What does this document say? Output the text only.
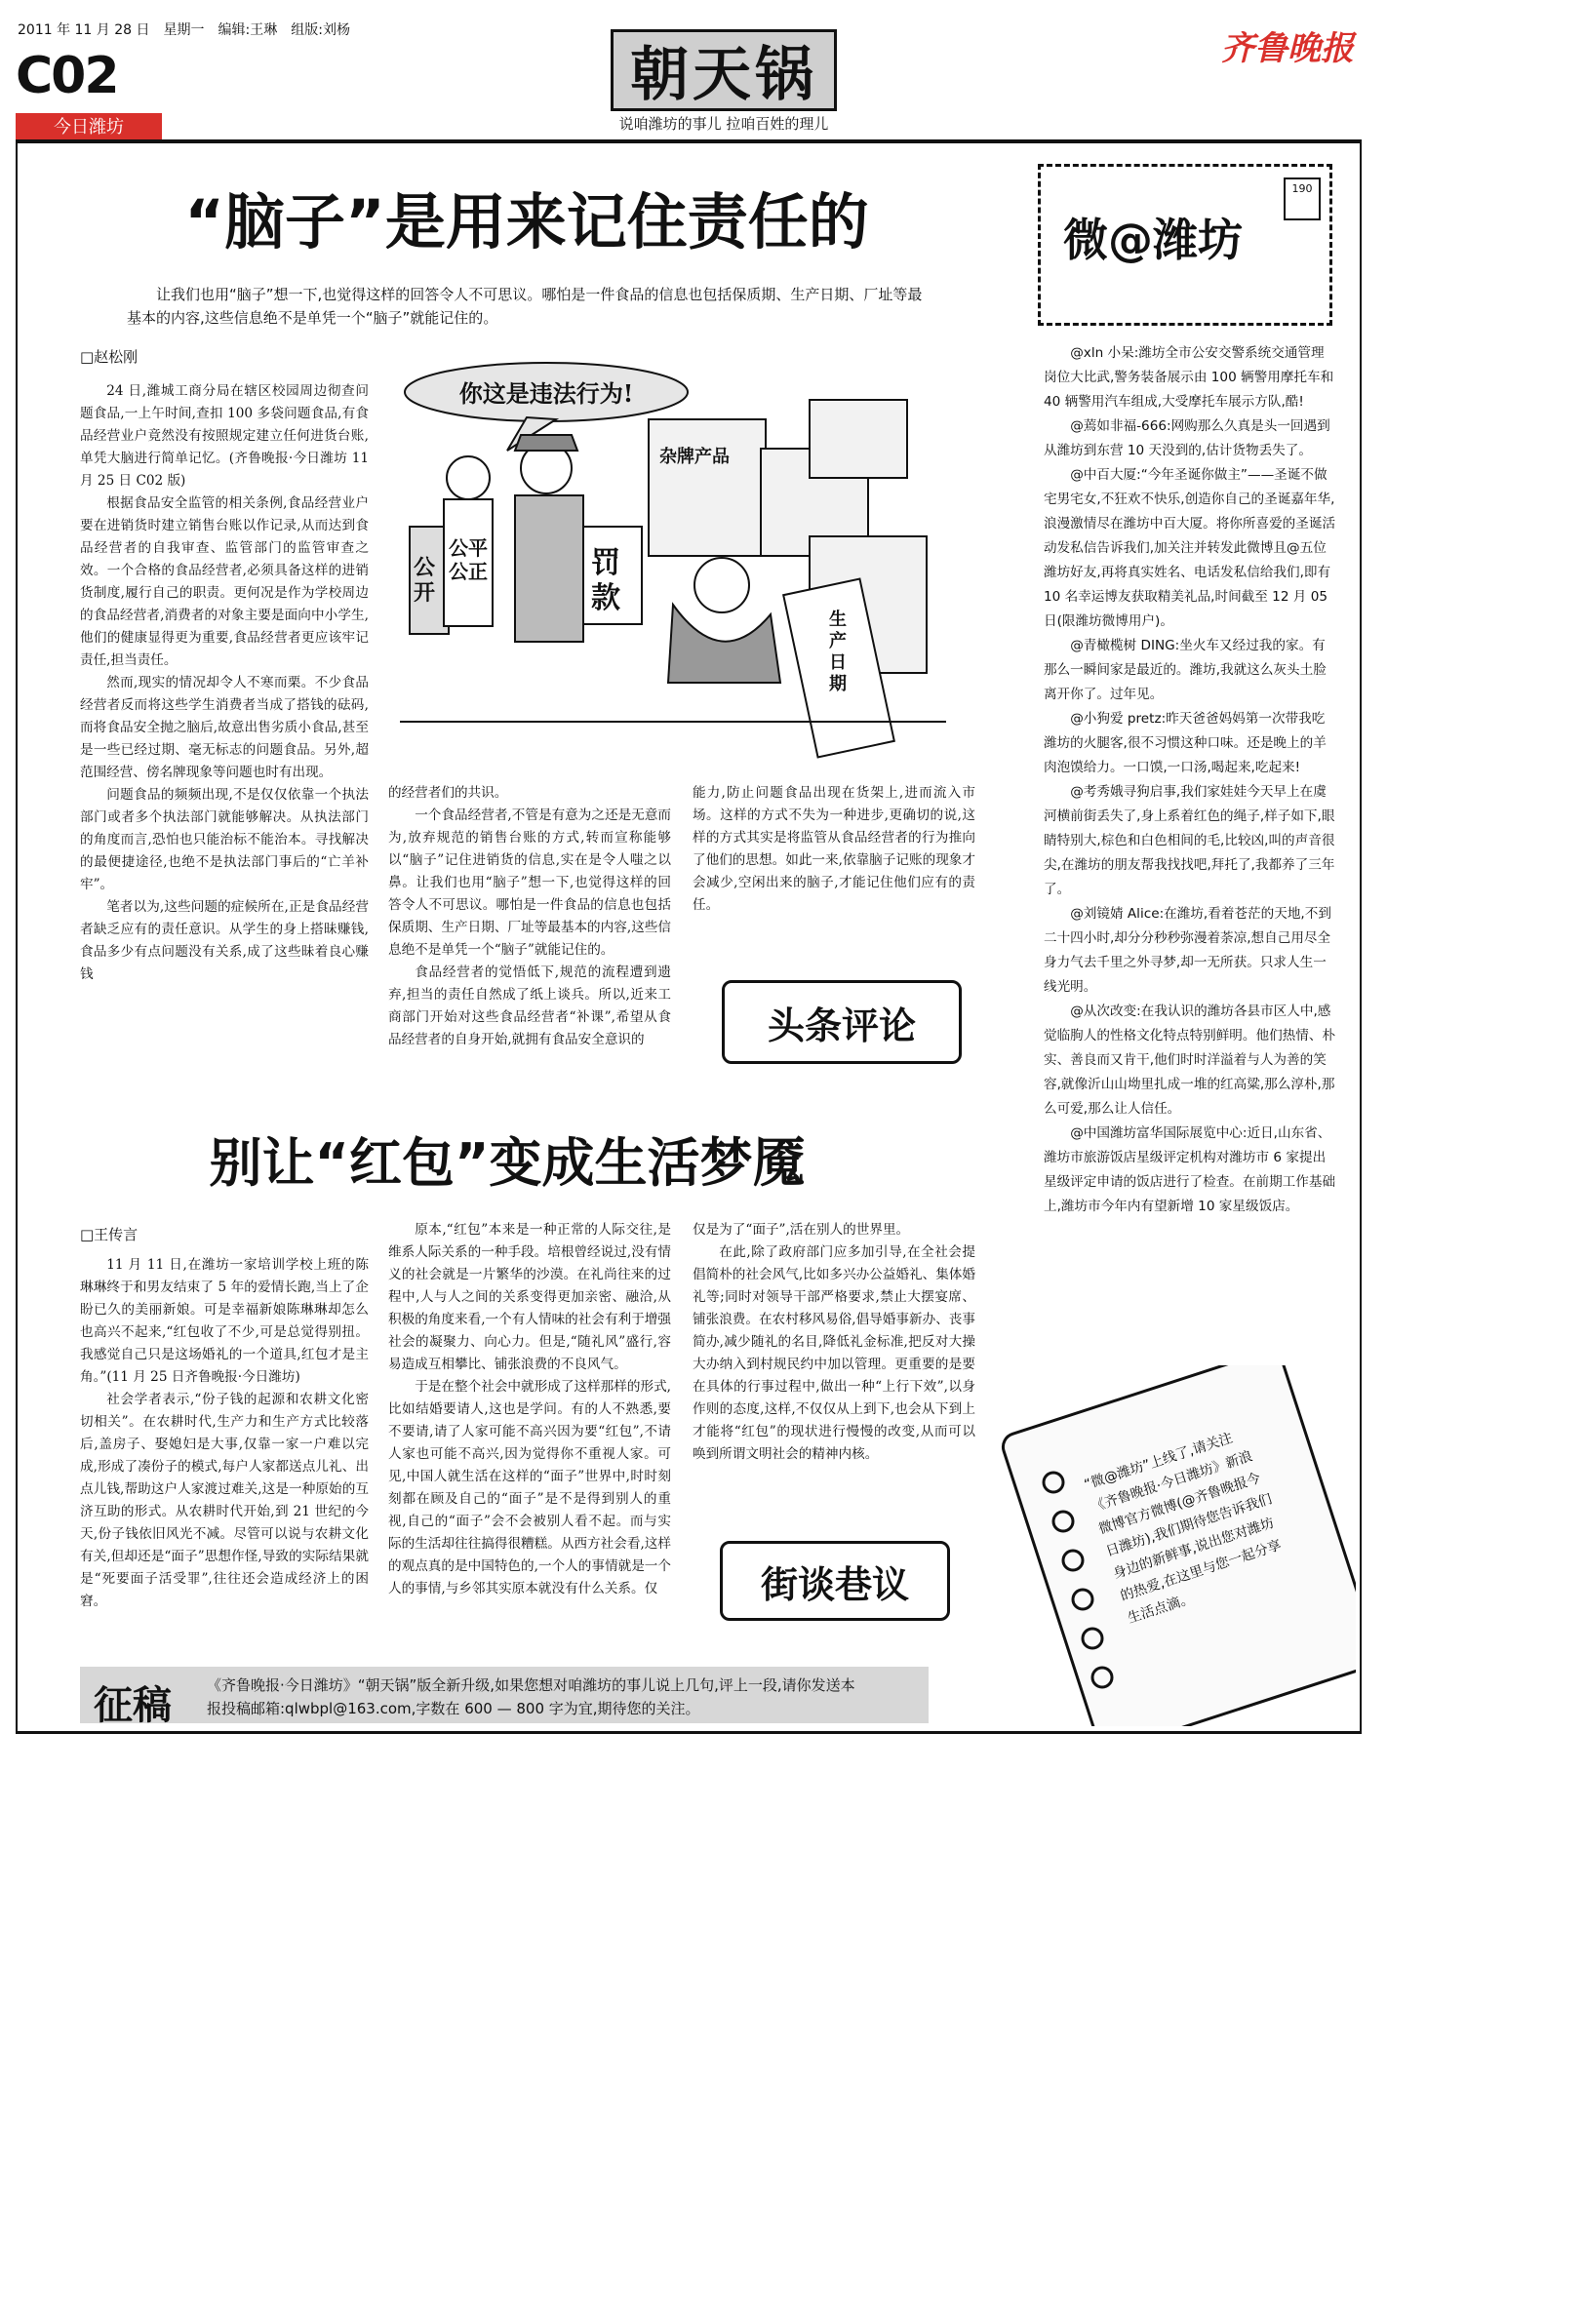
2011 年 11 月 28 日　星期一　编辑:王琳　组版:刘杨
C02
今日潍坊
朝天锅
说咱潍坊的事儿 拉咱百姓的理儿
齐鲁晚报
“脑子”是用来记住责任的
让我们也用“脑子”想一下,也觉得这样的回答令人不可思议。哪怕是一件食品的信息也包括保质期、生产日期、厂址等最基本的内容,这些信息绝不是单凭一个“脑子”就能记住的。
□赵松刚

24 日,潍城工商分局在辖区校园周边彻查问题食品,一上午时间,查扣 100 多袋问题食品,有食品经营业户竟然没有按照规定建立任何进货台账,单凭大脑进行简单记忆。(齐鲁晚报·今日潍坊 11 月 25 日 C02 版)

根据食品安全监管的相关条例,食品经营业户要在进销货时建立销售台账以作记录,从而达到食品经营者的自我审查、监管部门的监管审查之效。一个合格的食品经营者,必须具备这样的进销货制度,履行自己的职责。更何况是作为学校周边的食品经营者,消费者的对象主要是面向中小学生,他们的健康显得更为重要,食品经营者更应该牢记责任,担当责任。

然而,现实的情况却令人不寒而栗。不少食品经营者反而将这些学生消费者当成了搭钱的砝码,而将食品安全抛之脑后,故意出售劣质小食品,甚至是一些已经过期、毫无标志的问题食品。另外,超范围经营、傍名牌现象等问题也时有出现。

问题食品的频频出现,不是仅仅依靠一个执法部门或者多个执法部门就能够解决。从执法部门的角度而言,恐怕也只能治标不能治本。寻找解决的最便捷途径,也绝不是执法部门事后的“亡羊补牢”。

笔者以为,这些问题的症候所在,正是食品经营者缺乏应有的责任意识。从学生的身上搭昧赚钱,食品多少有点问题没有关系,成了这些昧着良心赚钱

你这是违法行为!
公开
公平公正	罚款
杂牌产品
生产日期

的经营者们的共识。

一个食品经营者,不管是有意为之还是无意而为,放弃规范的销售台账的方式,转而宣称能够以“脑子”记住进销货的信息,实在是令人嗤之以鼻。让我们也用“脑子”想一下,也觉得这样的回答令人不可思议。哪怕是一件食品的信息也包括保质期、生产日期、厂址等最基本的内容,这些信息绝不是单凭一个“脑子”就能记住的。

食品经营者的觉悟低下,规范的流程遭到遗弃,担当的责任自然成了纸上谈兵。所以,近来工商部门开始对这些食品经营者“补课”,希望从食品经营者的自身开始,就拥有食品安全意识的

能力,防止问题食品出现在货架上,进而流入市场。这样的方式不失为一种进步,更确切的说,这样的方式其实是将监管从食品经营者的行为推向了他们的思想。如此一来,依靠脑子记账的现象才会减少,空闲出来的脑子,才能记住他们应有的责任。

头条评论
别让“红包”变成生活梦魇
□王传言

11 月 11 日,在潍坊一家培训学校上班的陈琳琳终于和男友结束了 5 年的爱情长跑,当上了企盼已久的美丽新娘。可是幸福新娘陈琳琳却怎么也高兴不起来,“红包收了不少,可是总觉得别扭。我感觉自己只是这场婚礼的一个道具,红包才是主角。”(11 月 25 日齐鲁晚报·今日潍坊)

社会学者表示,“份子钱的起源和农耕文化密切相关”。在农耕时代,生产力和生产方式比较落后,盖房子、娶媳妇是大事,仅靠一家一户难以完成,形成了凑份子的模式,每户人家都送点儿礼、出点儿钱,帮助这户人家渡过难关,这是一种原始的互济互助的形式。从农耕时代开始,到 21 世纪的今天,份子钱依旧风光不减。尽管可以说与农耕文化有关,但却还是“面子”思想作怪,导致的实际结果就是“死要面子活受罪”,往往还会造成经济上的困窘。

原本,“红包”本来是一种正常的人际交往,是维系人际关系的一种手段。培根曾经说过,没有情义的社会就是一片繁华的沙漠。在礼尚往来的过程中,人与人之间的关系变得更加亲密、融洽,从积极的角度来看,一个有人情味的社会有利于增强社会的凝聚力、向心力。但是,“随礼风”盛行,容易造成互相攀比、铺张浪费的不良风气。

于是在整个社会中就形成了这样那样的形式,比如结婚要请人,这也是学问。有的人不熟悉,要不要请,请了人家可能不高兴因为要“红包”,不请人家也可能不高兴,因为觉得你不重视人家。可见,中国人就生活在这样的“面子”世界中,时时刻刻都在顾及自己的“面子”是不是得到别人的重视,自己的“面子”会不会被别人看不起。而与实际的生活却往往搞得很糟糕。从西方社会看,这样的观点真的是中国特色的,一个人的事情就是一个人的事情,与乡邻其实原本就没有什么关系。仅

仅是为了“面子”,活在别人的世界里。

在此,除了政府部门应多加引导,在全社会提倡简朴的社会风气,比如多兴办公益婚礼、集体婚礼等;同时对领导干部严格要求,禁止大摆宴席、铺张浪费。在农村移风易俗,倡导婚事新办、丧事简办,减少随礼的名目,降低礼金标准,把反对大操大办纳入到村规民约中加以管理。更重要的是要在具体的行事过程中,做出一种“上行下效”,以身作则的态度,这样,不仅仅从上到下,也会从下到上才能将“红包”的现状进行慢慢的改变,从而可以唤到所谓文明社会的精神内核。

街谈巷议
微@潍坊
190

@xln 小呆:潍坊全市公安交警系统交通管理岗位大比武,警务装备展示由 100 辆警用摩托车和 40 辆警用汽车组成,大受摩托车展示方队,酷!

@蔫如非福-666:网购那么久真是头一回遇到从潍坊到东营 10 天没到的,估计货物丢失了。

@中百大厦:“今年圣诞你做主”——圣诞不做宅男宅女,不狂欢不快乐,创造你自己的圣诞嘉年华,浪漫激情尽在潍坊中百大厦。将你所喜爱的圣诞活动发私信告诉我们,加关注并转发此微博且@五位潍坊好友,再将真实姓名、电话发私信给我们,即有 10 名幸运博友获取精美礼品,时间截至 12 月 05 日(限潍坊微博用户)。

@青橄榄树 DING:坐火车又经过我的家。有那么一瞬间家是最近的。潍坊,我就这么灰头土脸离开你了。过年见。

@小狗爱 pretz:昨天爸爸妈妈第一次带我吃潍坊的火腿客,很不习惯这种口味。还是晚上的羊肉泡馍给力。一口馍,一口汤,喝起来,吃起来!

@考秀娥寻狗启事,我们家娃娃今天早上在虞河横前街丢失了,身上系着红色的绳子,样子如下,眼睛特别大,棕色和白色相间的毛,比较凶,叫的声音很尖,在潍坊的朋友帮我找找吧,拜托了,我都养了三年了。

@刘镜婧 Alice:在潍坊,看着苍茫的天地,不到二十四小时,却分分秒秒弥漫着荼凉,想自己用尽全身力气去千里之外寻梦,却一无所获。只求人生一线光明。

@从次改变:在我认识的潍坊各县市区人中,感觉临朐人的性格文化特点特别鲜明。他们热情、朴实、善良而又肯干,他们时时洋溢着与人为善的笑容,就像沂山山坳里扎成一堆的红高粱,那么淳朴,那么可爱,那么让人信任。

@中国潍坊富华国际展览中心:近日,山东省、潍坊市旅游饭店星级评定机构对潍坊市 6 家提出星级评定申请的饭店进行了检查。在前期工作基础上,潍坊市今年内有望新增 10 家星级饭店。

“微@潍坊”上线了,请关注《齐鲁晚报·今日潍坊》新浪微博官方微博(@齐鲁晚报今日潍坊),我们期待您告诉我们身边的新鲜事,说出您对潍坊的热爱,在这里与您一起分享生活点滴。
征稿 《齐鲁晚报·今日潍坊》“朝天锅”版全新升级,如果您想对咱潍坊的事儿说上几句,评上一段,请你发送本
报投稿邮箱:qlwbpl@163.com,字数在 600 — 800 字为宜,期待您的关注。
